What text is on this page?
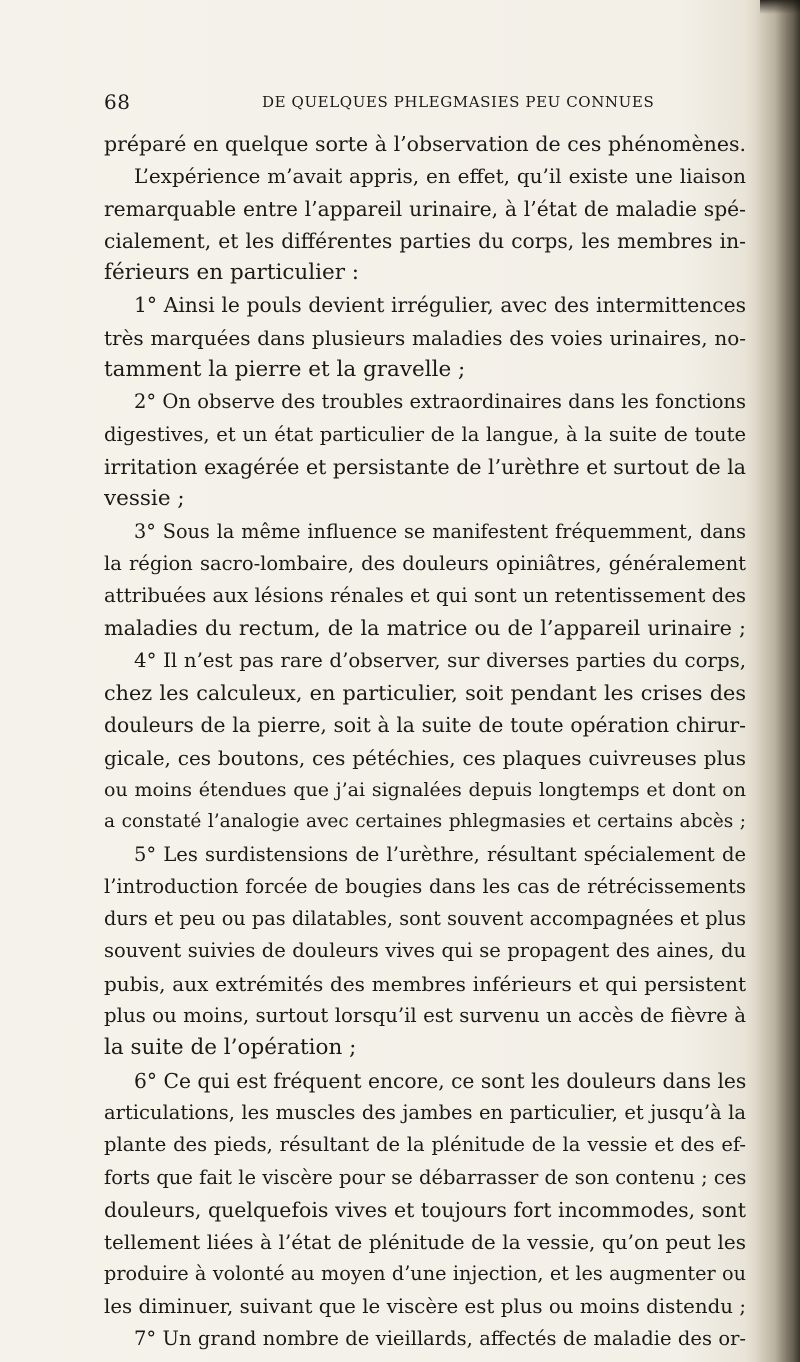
68	DE QUELQUES PHLEGMASIES PEU CONNUES
préparé en quelque sorte à l’observation de ces phénomènes.
L’expérience m’avait appris, en effet, qu’il existe une liaison
remarquable entre l’appareil urinaire, à l’état de maladie spé-
cialement, et les différentes parties du corps, les membres in-
férieurs en particulier :
1° Ainsi le pouls devient irrégulier, avec des intermittences
très marquées dans plusieurs maladies des voies urinaires, no-
tamment la pierre et la gravelle ;
2° On observe des troubles extraordinaires dans les fonctions
digestives, et un état particulier de la langue, à la suite de toute
irritation exagérée et persistante de l’urèthre et surtout de la
vessie ;
3° Sous la même influence se manifestent fréquemment, dans
la région sacro-lombaire, des douleurs opiniâtres, généralement
attribuées aux lésions rénales et qui sont un retentissement des
maladies du rectum, de la matrice ou de l’appareil urinaire ;
4° Il n’est pas rare d’observer, sur diverses parties du corps,
chez les calculeux, en particulier, soit pendant les crises des
douleurs de la pierre, soit à la suite de toute opération chirur-
gicale, ces boutons, ces pétéchies, ces plaques cuivreuses plus
ou moins étendues que j’ai signalées depuis longtemps et dont on
a constaté l’analogie avec certaines phlegmasies et certains abcès ;
5° Les surdistensions de l’urèthre, résultant spécialement de
l’introduction forcée de bougies dans les cas de rétrécissements
durs et peu ou pas dilatables, sont souvent accompagnées et plus
souvent suivies de douleurs vives qui se propagent des aines, du
pubis, aux extrémités des membres inférieurs et qui persistent
plus ou moins, surtout lorsqu’il est survenu un accès de fièvre à
la suite de l’opération ;
6° Ce qui est fréquent encore, ce sont les douleurs dans les
articulations, les muscles des jambes en particulier, et jusqu’à la
plante des pieds, résultant de la plénitude de la vessie et des ef-
forts que fait le viscère pour se débarrasser de son contenu ; ces
douleurs, quelquefois vives et toujours fort incommodes, sont
tellement liées à l’état de plénitude de la vessie, qu’on peut les
produire à volonté au moyen d’une injection, et les augmenter ou
les diminuer, suivant que le viscère est plus ou moins distendu ;
7° Un grand nombre de vieillards, affectés de maladie des or-
